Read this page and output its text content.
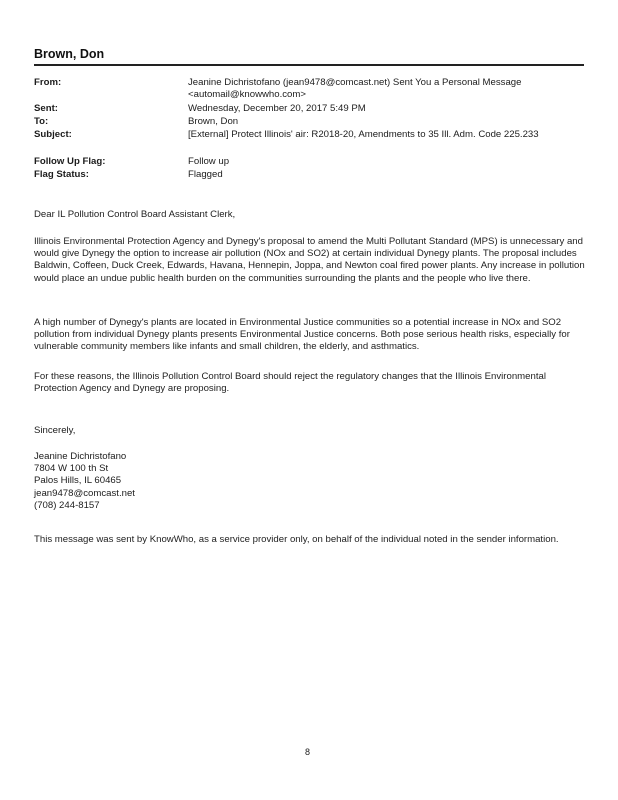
Brown, Don
From:	Jeanine Dichristofano (jean9478@comcast.net) Sent You a Personal Message
<automail@knowwho.com>
Sent:	Wednesday, December 20, 2017 5:49 PM
To:	Brown, Don
Subject:	[External] Protect Illinois' air: R2018-20, Amendments to 35 Ill. Adm. Code 225.233
Follow Up Flag:	Follow up
Flag Status:	Flagged

Dear IL Pollution Control Board Assistant Clerk,

Illinois Environmental Protection Agency and Dynegy's proposal to amend the Multi Pollutant Standard (MPS) is unnecessary and would give Dynegy the option to increase air pollution (NOx and SO2) at certain individual Dynegy plants. The proposal includes Baldwin, Coffeen, Duck Creek, Edwards, Havana, Hennepin, Joppa, and Newton coal fired power plants. Any increase in pollution would place an undue public health burden on the communities surrounding the plants and the people who live there.

A high number of Dynegy's plants are located in Environmental Justice communities so a potential increase in NOx and SO2 pollution from individual Dynegy plants presents Environmental Justice concerns. Both pose serious health risks, especially for vulnerable community members like infants and small children, the elderly, and asthmatics.

For these reasons, the Illinois Pollution Control Board should reject the regulatory changes that the Illinois Environmental Protection Agency and Dynegy are proposing.

Sincerely,
Jeanine Dichristofano
7804 W 100 th St
Palos Hills, IL 60465
jean9478@comcast.net
(708) 244-8157

This message was sent by KnowWho, as a service provider only, on behalf of the individual noted in the sender information.

8
